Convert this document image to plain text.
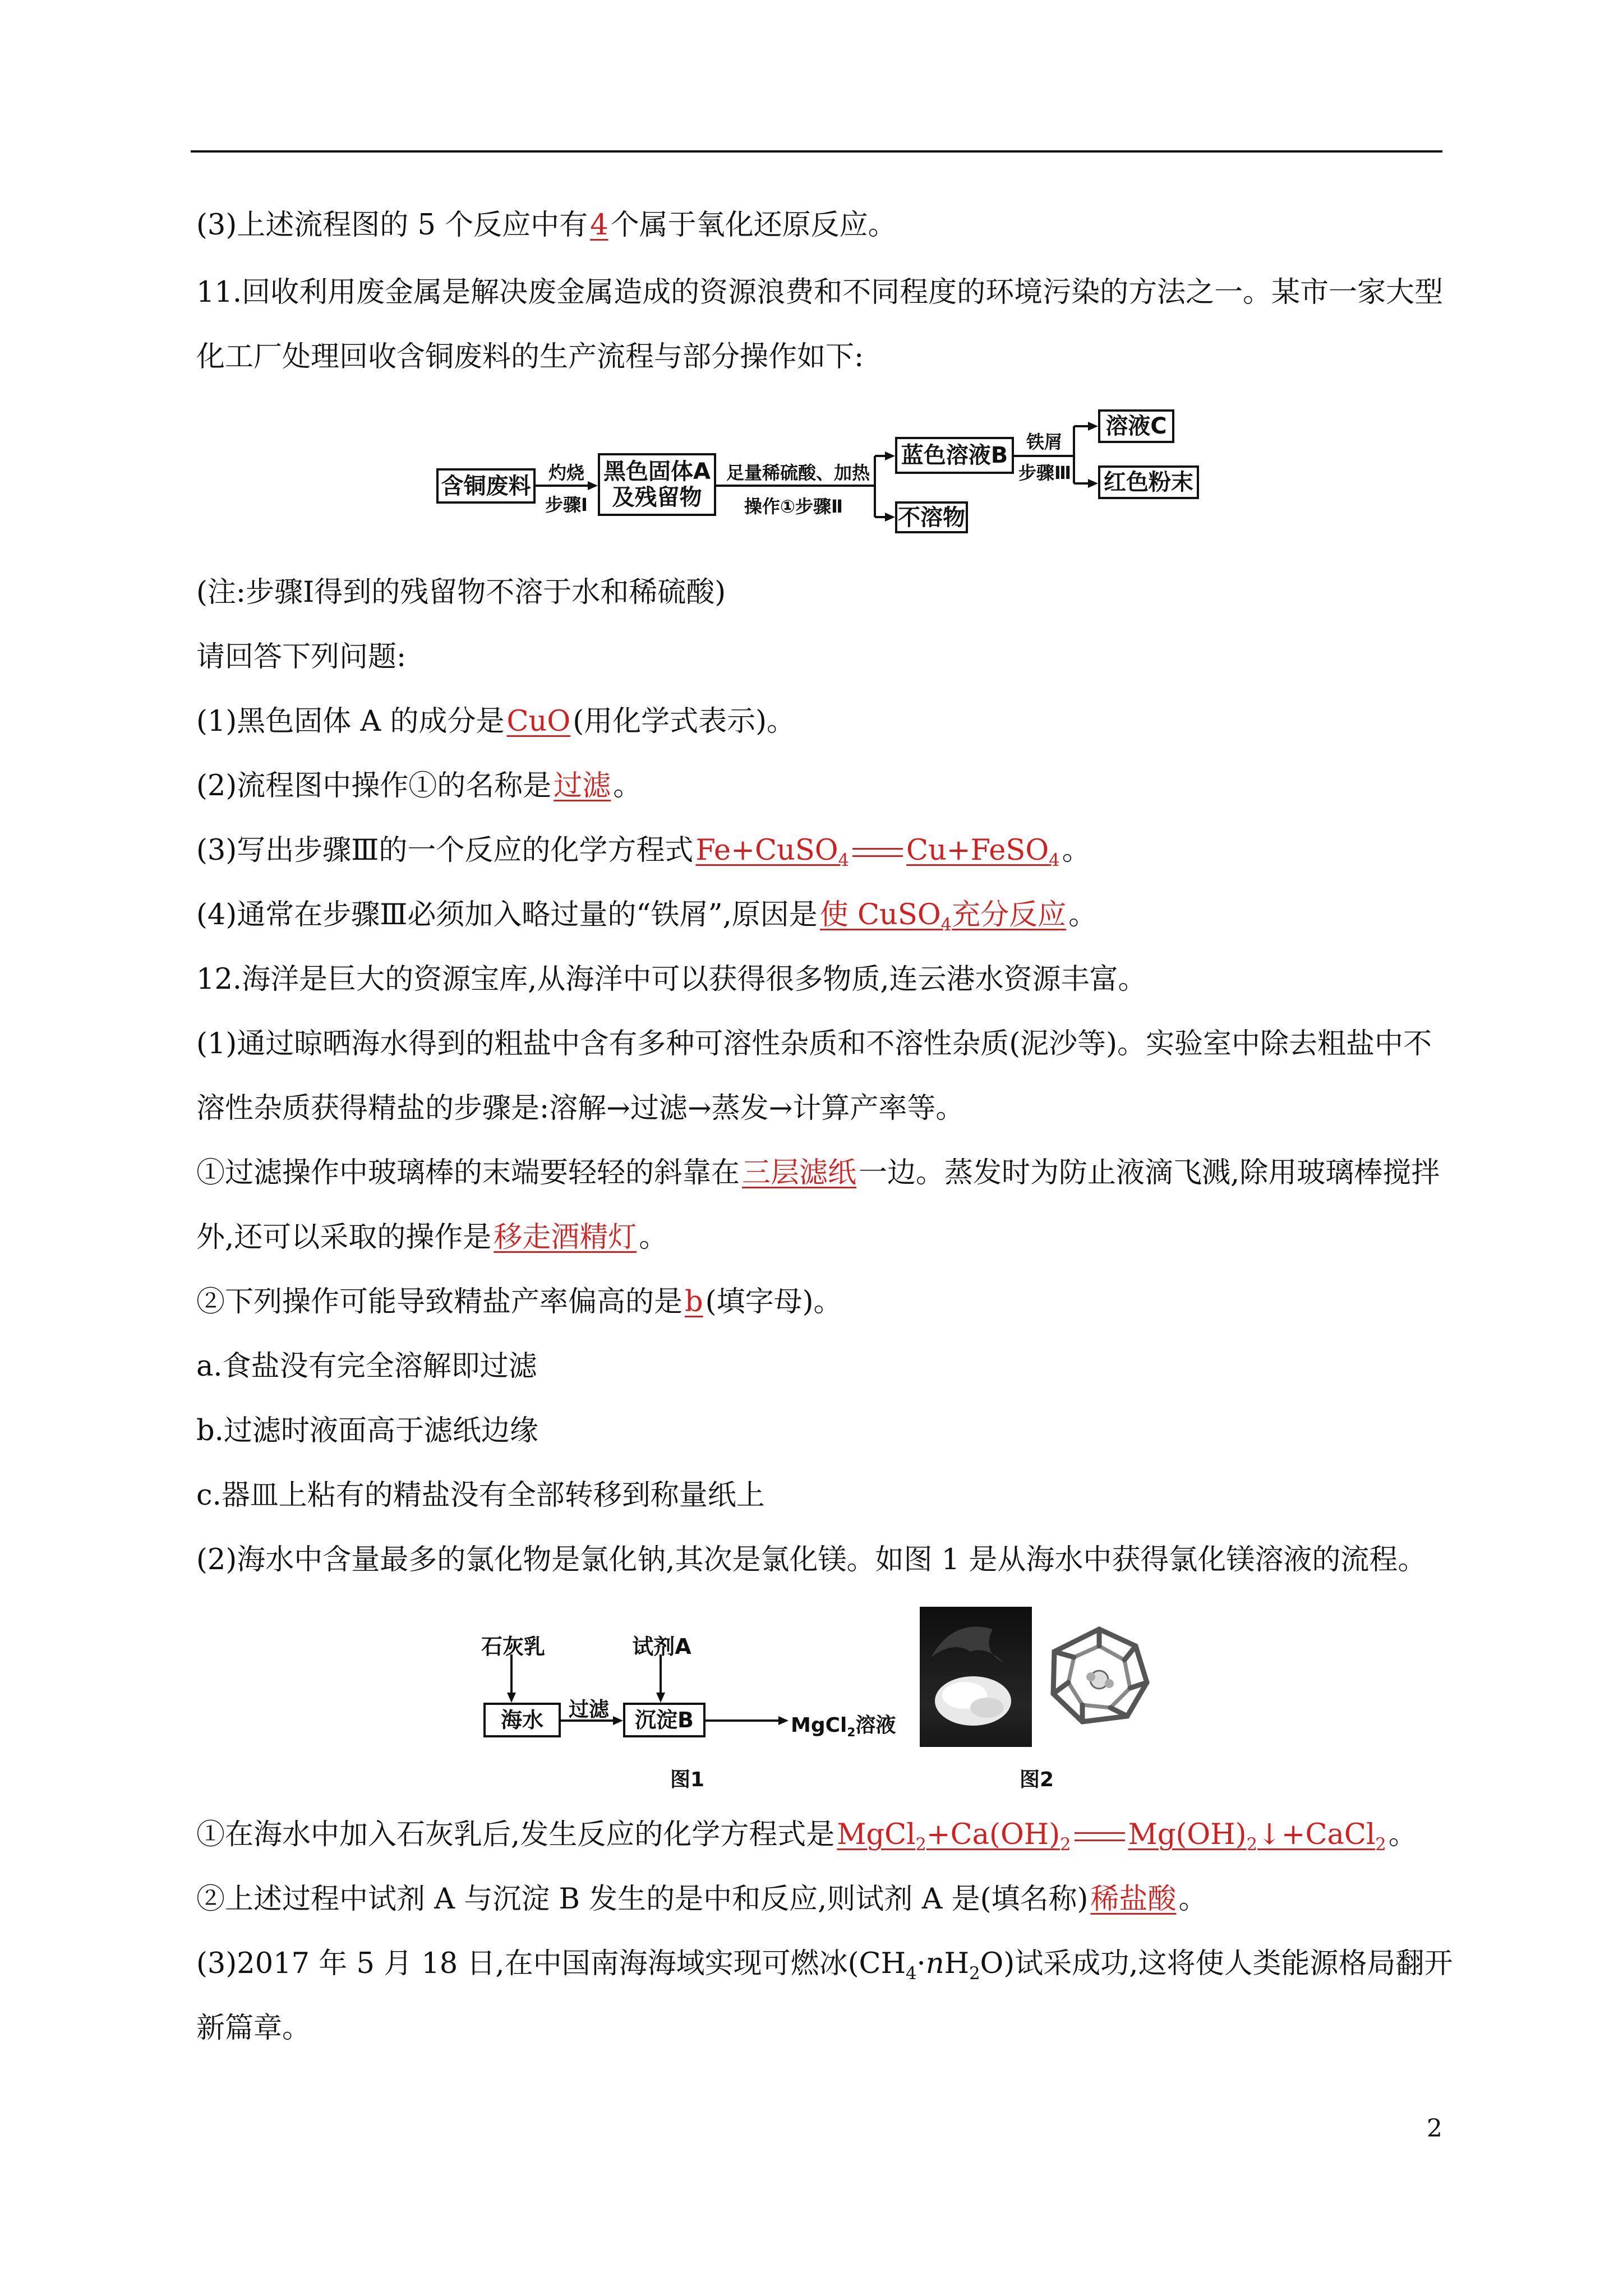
(3)上述流程图的 5 个反应中有4个属于氧化还原反应。
11.回收利用废金属是解决废金属造成的资源浪费和不同程度的环境污染的方法之一。某市一家大型
化工厂处理回收含铜废料的生产流程与部分操作如下:
含铜废料
灼烧
步骤Ⅰ
黑色固体A
及残留物
足量稀硫酸、加热
操作①步骤Ⅱ
蓝色溶液B
不溶物
铁屑
步骤Ⅲ
溶液C
红色粉末
(注:步骤Ⅰ得到的残留物不溶于水和稀硫酸)
请回答下列问题:
(1)黑色固体 A 的成分是CuO(用化学式表示)。
(2)流程图中操作①的名称是过滤。
(3)写出步骤Ⅲ的一个反应的化学方程式Fe+CuSO$_4$ Cu+FeSO$_4$。
(4)通常在步骤Ⅲ必须加入略过量的“铁屑”,原因是使 CuSO$_4$充分反应。
12.海洋是巨大的资源宝库,从海洋中可以获得很多物质,连云港水资源丰富。
(1)通过晾晒海水得到的粗盐中含有多种可溶性杂质和不溶性杂质(泥沙等)。实验室中除去粗盐中不
溶性杂质获得精盐的步骤是:溶解→过滤→蒸发→计算产率等。
①过滤操作中玻璃棒的末端要轻轻的斜靠在三层滤纸一边。蒸发时为防止液滴飞溅,除用玻璃棒搅拌
外,还可以采取的操作是移走酒精灯。
②下列操作可能导致精盐产率偏高的是b(填字母)。
a.食盐没有完全溶解即过滤
b.过滤时液面高于滤纸边缘
c.器皿上粘有的精盐没有全部转移到称量纸上
(2)海水中含量最多的氯化物是氯化钠,其次是氯化镁。如图 1 是从海水中获得氯化镁溶液的流程。
石灰乳	试剂A
海水	过滤	沉淀B	MgCl$_2$溶液
图1	图2
①在海水中加入石灰乳后,发生反应的化学方程式是$MgCl_2+Ca(OH)_2$ $Mg(OH)_2↓+CaCl_2$。
②上述过程中试剂 A 与沉淀 B 发生的是中和反应,则试剂 A 是(填名称)稀盐酸。
(3)2017 年 5 月 18 日,在中国南海海域实现可燃冰$(CH_4\cdot nH_2O)$试采成功,这将使人类能源格局翻开
新篇章。
2
